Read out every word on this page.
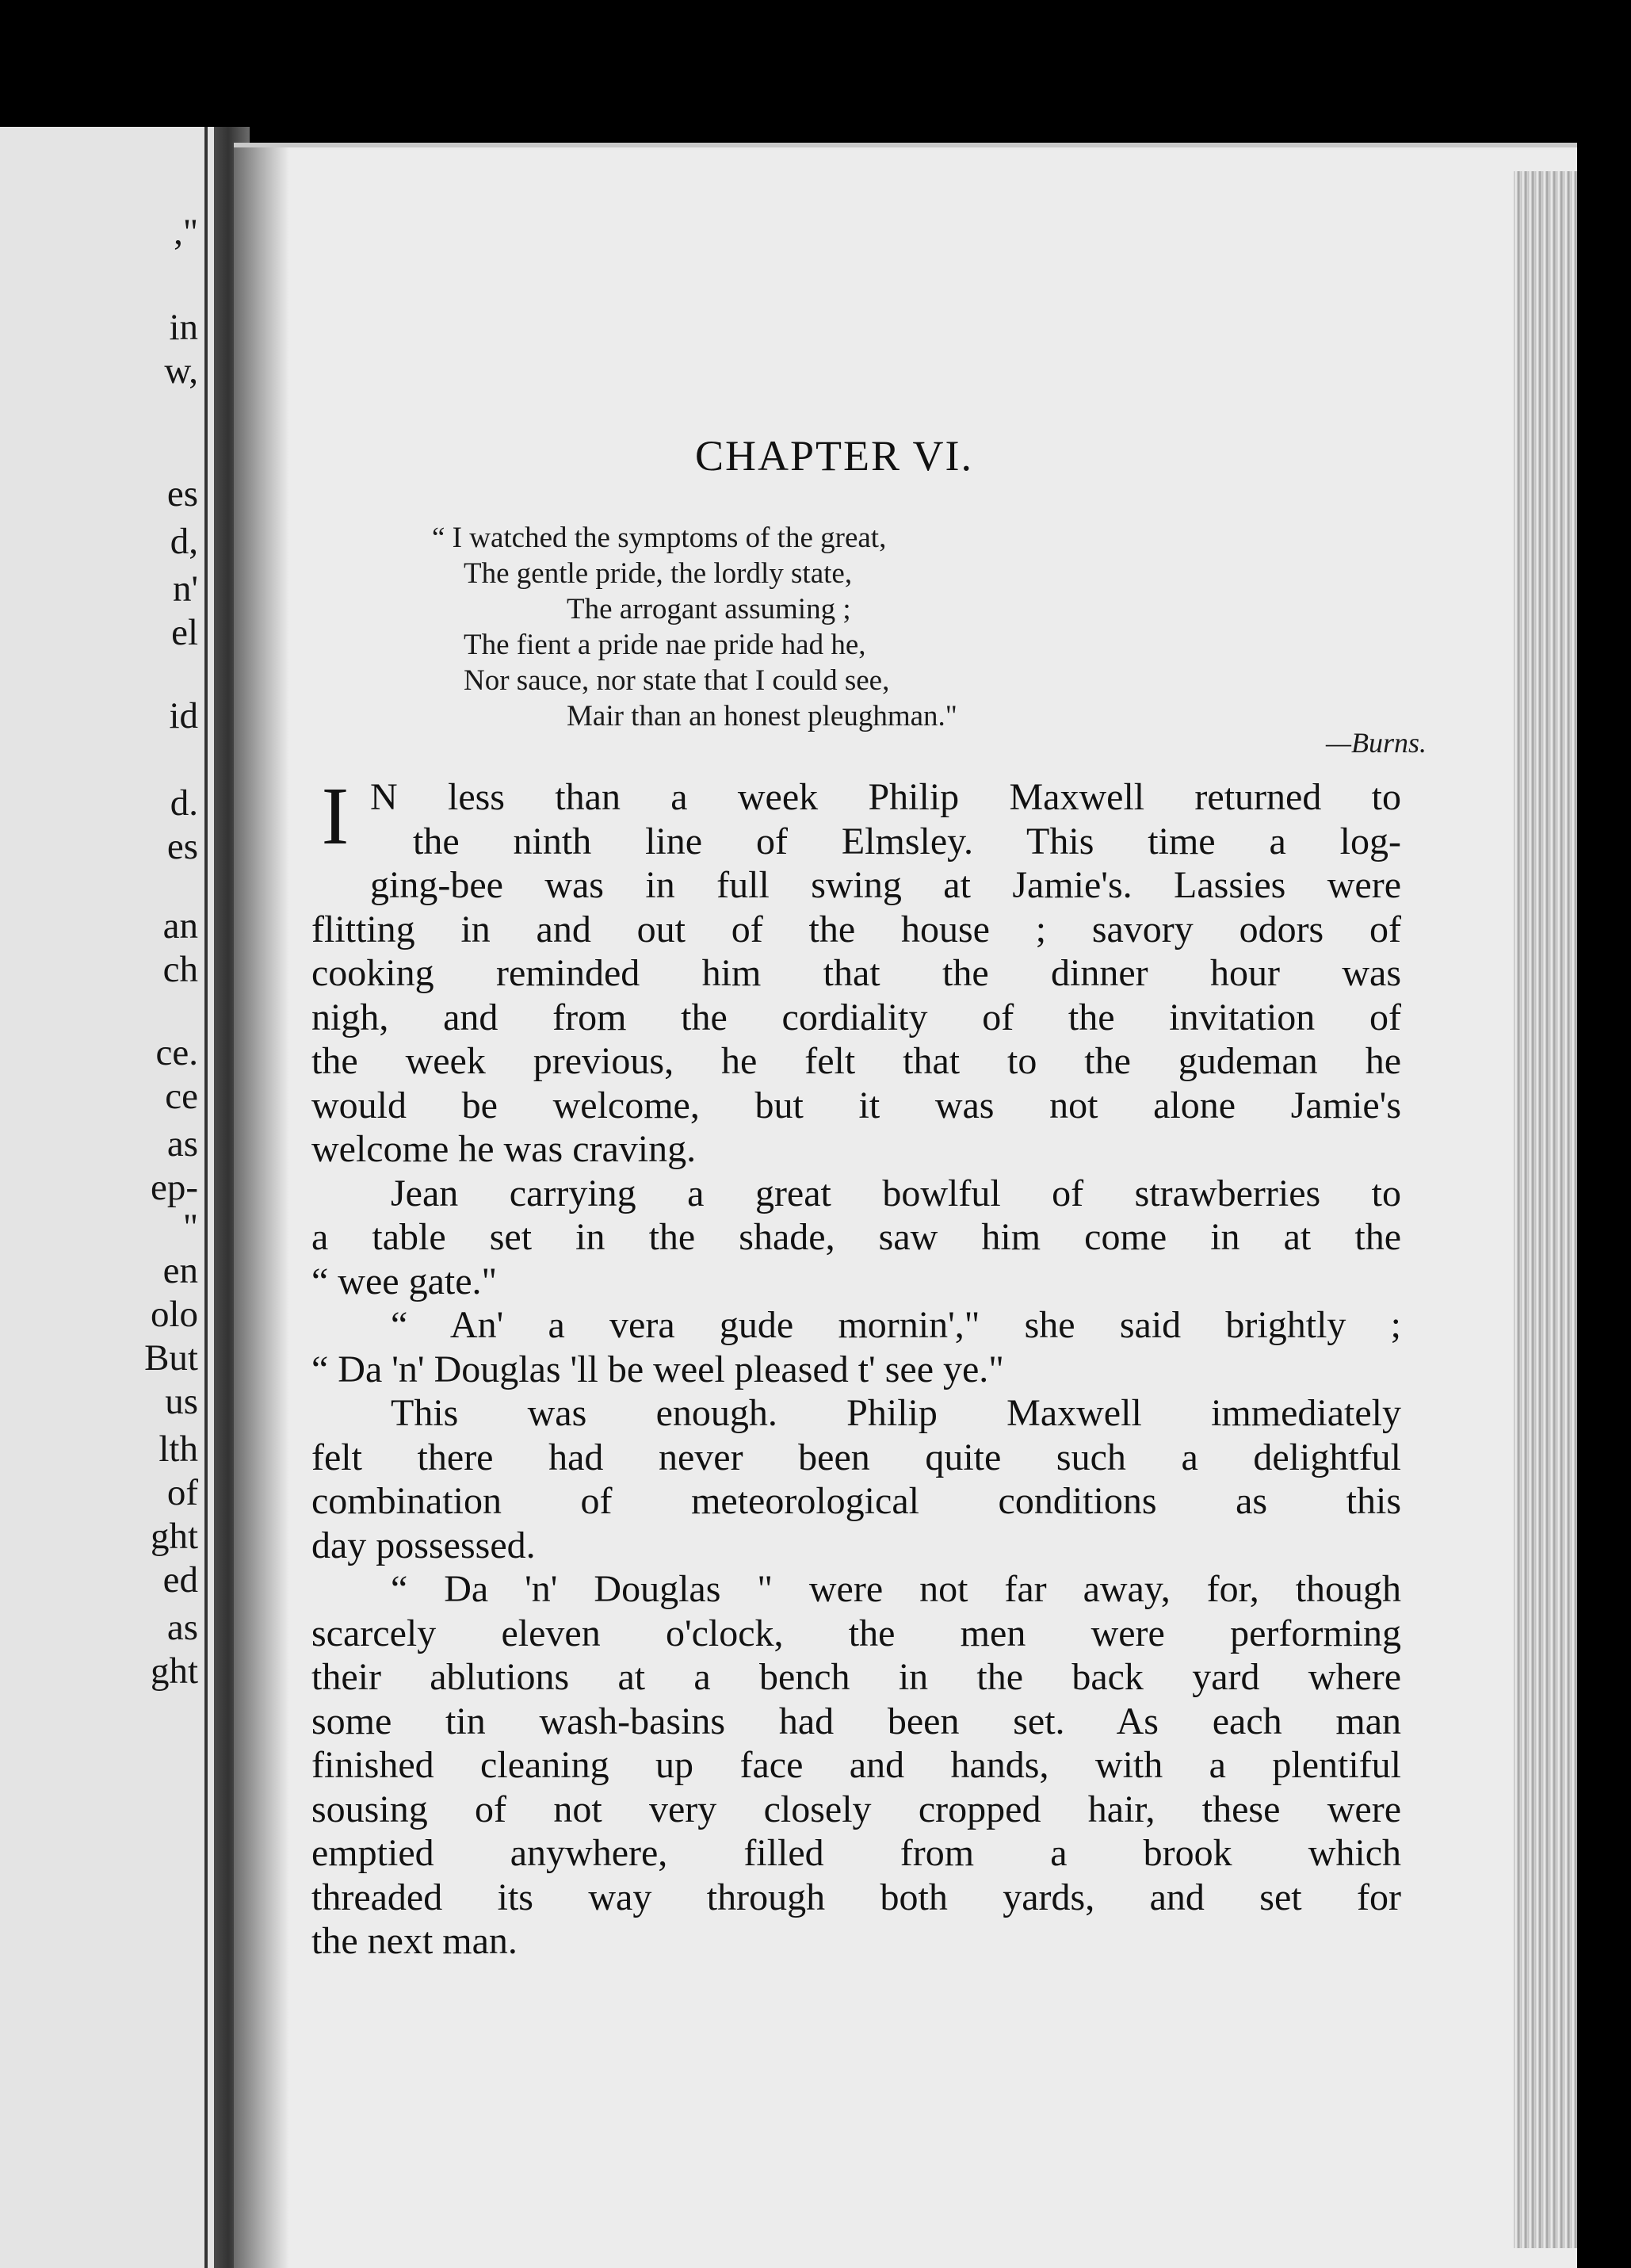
,"
in
w,
es
d,
n'
el
id
d.
es
an
ch
ce.
ce
as
ep-
"
en
olo
But
us
lth
of
ght
ed
as
ght
CHAPTER VI.
“ I watched the symptoms of the great,
The gentle pride, the lordly state,
The arrogant assuming ;
The fient a pride nae pride had he,
Nor sauce, nor state that I could see,
Mair than an honest pleughman."
—Burns.
I N less than a week Philip Maxwell returned to
the ninth line of Elmsley. This time a log-
ging-bee was in full swing at Jamie's. Lassies were
flitting in and out of the house ; savory odors of
cooking reminded him that the dinner hour was
nigh, and from the cordiality of the invitation of
the week previous, he felt that to the gudeman he
would be welcome, but it was not alone Jamie's
welcome he was craving.
Jean carrying a great bowlful of strawberries to
a table set in the shade, saw him come in at the
“ wee gate."
“ An' a vera gude mornin'," she said brightly ;
“ Da 'n' Douglas 'll be weel pleased t' see ye."
This was enough. Philip Maxwell immediately
felt there had never been quite such a delightful
combination of meteorological conditions as this
day possessed.
“ Da 'n' Douglas " were not far away, for, though
scarcely eleven o'clock, the men were performing
their ablutions at a bench in the back yard where
some tin wash-basins had been set. As each man
finished cleaning up face and hands, with a plentiful
sousing of not very closely cropped hair, these were
emptied anywhere, filled from a brook which
threaded its way through both yards, and set for
the next man.
